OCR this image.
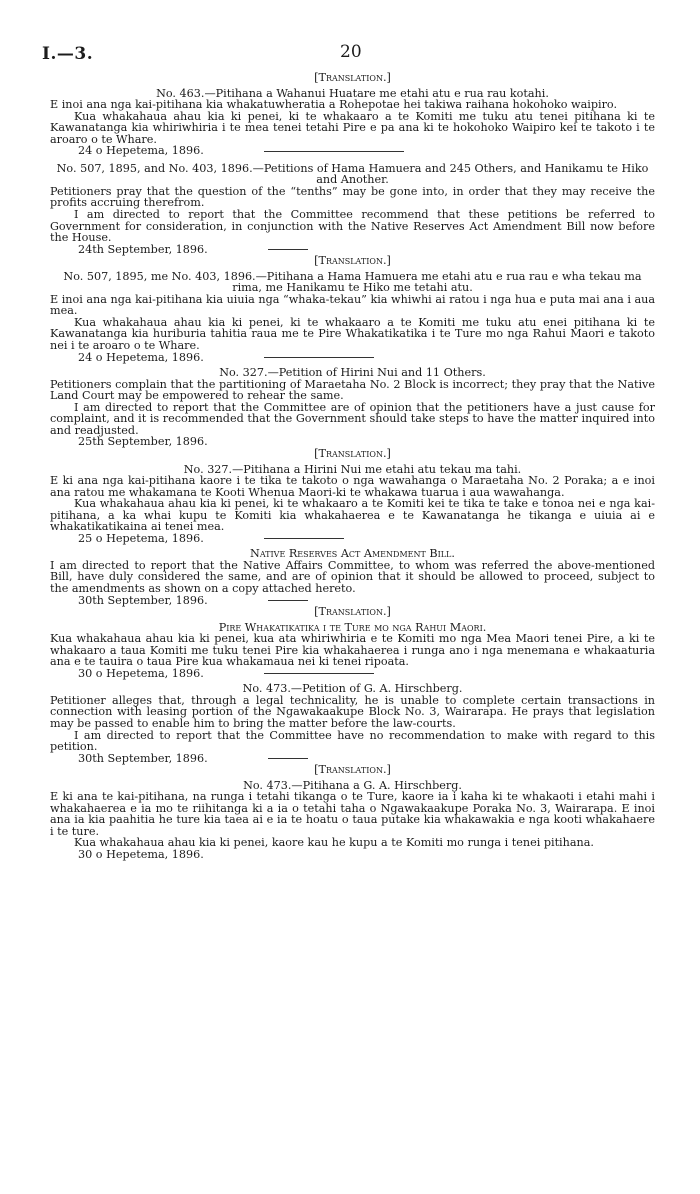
I.—3.	20

[Translation.]

No. 463.—Pitihana a Wahanui Huatare me etahi atu e rua rau kotahi.

E inoi ana nga kai-pitihana kia whakatuwheratia a Rohepotae hei takiwa raihana hokohoko waipiro.

Kua whakahaua ahau kia ki penei, ki te whakaaro a te Komiti me tuku atu tenei pitihana ki te Kawanatanga kia whiriwhiria i te mea tenei tetahi Pire e pa ana ki te hokohoko Waipiro kei te takoto i te aroaro o te Whare.

24 o Hepetema, 1896.

No. 507, 1895, and No. 403, 1896.—Petitions of Hama Hamuera and 245 Others, and Hanikamu te Hiko and Another.

Petitioners pray that the question of the “tenths” may be gone into, in order that they may receive the profits accruing therefrom.

I am directed to report that the Committee recommend that these petitions be referred to Government for consideration, in conjunction with the Native Reserves Act Amendment Bill now before the House.

24th September, 1896.

[Translation.]

No. 507, 1895, me No. 403, 1896.—Pitihana a Hama Hamuera me etahi atu e rua rau e wha tekau ma rima, me Hanikamu te Hiko me tetahi atu.

E inoi ana nga kai-pitihana kia uiuia nga “whaka-tekau” kia whiwhi ai ratou i nga hua e puta mai ana i aua mea.

Kua whakahaua ahau kia ki penei, ki te whakaaro a te Komiti me tuku atu enei pitihana ki te Kawanatanga kia huriburia tahitia raua me te Pire Whakatikatika i te Ture mo nga Rahui Maori e takoto nei i te aroaro o te Whare.

24 o Hepetema, 1896.

No. 327.—Petition of Hirini Nui and 11 Others.

Petitioners complain that the partitioning of Maraetaha No. 2 Block is incorrect; they pray that the Native Land Court may be empowered to rehear the same.

I am directed to report that the Committee are of opinion that the petitioners have a just cause for complaint, and it is recommended that the Government should take steps to have the matter inquired into and readjusted.

25th September, 1896.

[Translation.]

No. 327.—Pitihana a Hirini Nui me etahi atu tekau ma tahi.

E ki ana nga kai-pitihana kaore i te tika te takoto o nga wawahanga o Maraetaha No. 2 Poraka; a e inoi ana ratou me whakamana te Kooti Whenua Maori-ki te whakawa tuarua i aua wawahanga.

Kua whakahaua ahau kia ki penei, ki te whakaaro a te Komiti kei te tika te take e tonoa nei e nga kai-pitihana, a ka whai kupu te Komiti kia whakahaerea e te Kawanatanga he tikanga e uiuia ai e whakatikatikaina ai tenei mea.

25 o Hepetema, 1896.

Native Reserves Act Amendment Bill.

I am directed to report that the Native Affairs Committee, to whom was referred the above-mentioned Bill, have duly considered the same, and are of opinion that it should be allowed to proceed, subject to the amendments as shown on a copy attached hereto.

30th September, 1896.

[Translation.]

Pire Whakatikatika i te Ture mo nga Rahui Maori.

Kua whakahaua ahau kia ki penei, kua ata whiriwhiria e te Komiti mo nga Mea Maori tenei Pire, a ki te whakaaro a taua Komiti me tuku tenei Pire kia whakahaerea i runga ano i nga menemana e whakaaturia ana e te tauira o taua Pire kua whakamaua nei ki tenei ripoata.

30 o Hepetema, 1896.

No. 473.—Petition of G. A. Hirschberg.

Petitioner alleges that, through a legal technicality, he is unable to complete certain transactions in connection with leasing portion of the Ngawakaakupe Block No. 3, Wairarapa. He prays that legislation may be passed to enable him to bring the matter before the law-courts.

I am directed to report that the Committee have no recommendation to make with regard to this petition.

30th September, 1896.

[Translation.]

No. 473.—Pitihana a G. A. Hirschberg.

E ki ana te kai-pitihana, na runga i tetahi tikanga o te Ture, kaore ia i kaha ki te whakaoti i etahi mahi i whakahaerea e ia mo te riihitanga ki a ia o tetahi taha o Ngawakaakupe Poraka No. 3, Wairarapa. E inoi ana ia kia paahitia he ture kia taea ai e ia te hoatu o taua putake kia whakawakia e nga kooti whakahaere i te ture.

Kua whakahaua ahau kia ki penei, kaore kau he kupu a te Komiti mo runga i tenei pitihana.

30 o Hepetema, 1896.
